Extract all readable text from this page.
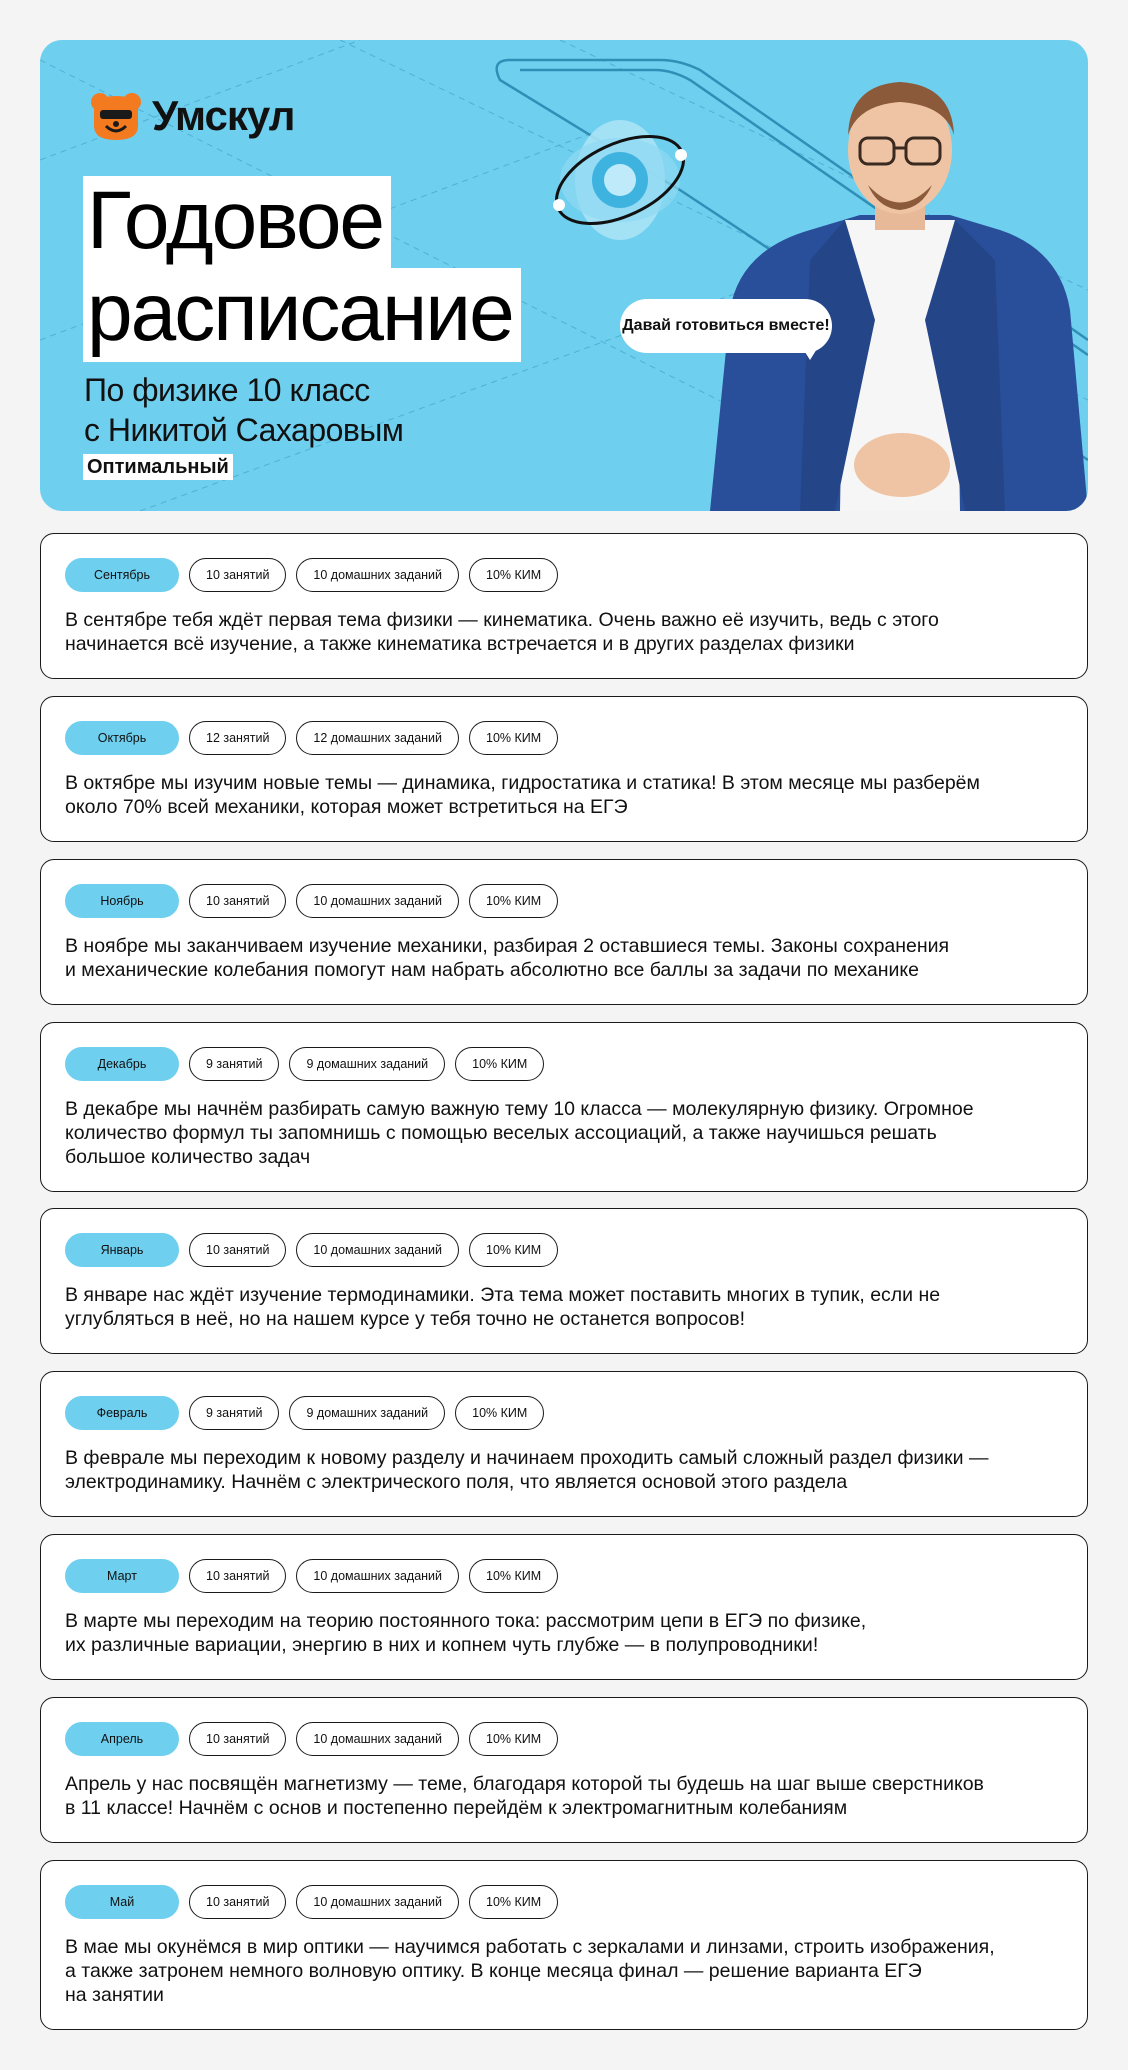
Умскул
Годовое
расписание
По физике 10 класс
с Никитой Сахаровым
Оптимальный
Давай готовиться вместе!
Сентябрь	10 занятий	10 домашних заданий	10% КИМ
В сентябре тебя ждёт первая тема физики — кинематика. Очень важно её изучить, ведь с этого
начинается всё изучение, а также кинематика встречается и в других разделах физики
Октябрь	12 занятий	12 домашних заданий	10% КИМ
В октябре мы изучим новые темы — динамика, гидростатика и статика! В этом месяце мы разберём
около 70% всей механики, которая может встретиться на ЕГЭ
Ноябрь	10 занятий	10 домашних заданий	10% КИМ
В ноябре мы заканчиваем изучение механики, разбирая 2 оставшиеся темы. Законы сохранения
и механические колебания помогут нам набрать абсолютно все баллы за задачи по механике
Декабрь	9 занятий	9 домашних заданий	10% КИМ
В декабре мы начнём разбирать самую важную тему 10 класса — молекулярную физику. Огромное
количество формул ты запомнишь с помощью веселых ассоциаций, а также научишься решать
большое количество задач
Январь	10 занятий	10 домашних заданий	10% КИМ
В январе нас ждёт изучение термодинамики. Эта тема может поставить многих в тупик, если не
углубляться в неё, но на нашем курсе у тебя точно не останется вопросов!
Февраль	9 занятий	9 домашних заданий	10% КИМ
В феврале мы переходим к новому разделу и начинаем проходить самый сложный раздел физики —
электродинамику. Начнём с электрического поля, что является основой этого раздела
Март	10 занятий	10 домашних заданий	10% КИМ
В марте мы переходим на теорию постоянного тока: рассмотрим цепи в ЕГЭ по физике,
их различные вариации, энергию в них и копнем чуть глубже — в полупроводники!
Апрель	10 занятий	10 домашних заданий	10% КИМ
Апрель у нас посвящён магнетизму — теме, благодаря которой ты будешь на шаг выше сверстников
в 11 классе! Начнём с основ и постепенно перейдём к электромагнитным колебаниям
Май	10 занятий	10 домашних заданий	10% КИМ
В мае мы окунёмся в мир оптики — научимся работать с зеркалами и линзами, строить изображения,
а также затронем немного волновую оптику. В конце месяца финал — решение варианта ЕГЭ
на занятии
